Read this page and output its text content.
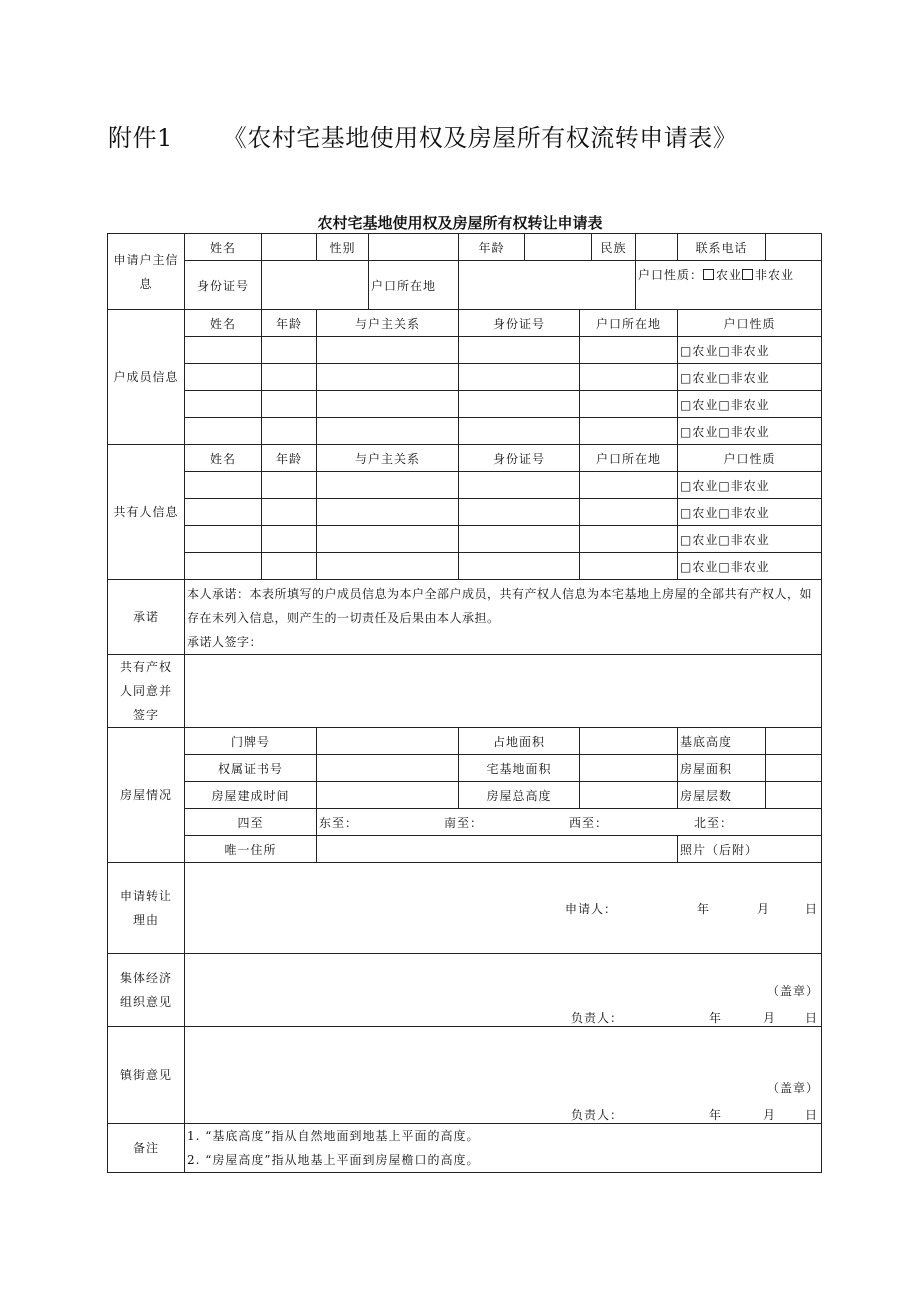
附件1 《农村宅基地使用权及房屋所有权流转申请表》
农村宅基地使用权及房屋所有权转让申请表
申请户主信息	姓名		性别		年龄			民族		联系电话	
	身份证号			户口所在地					户口性质： 农业 非农业		
户成员信息	姓名	年龄	与户主关系		身份证号		户口所在地			户口性质	
										□农业□非农业	
										□农业□非农业	
										□农业□非农业	
										□农业□非农业	
共有人信息	姓名	年龄	与户主关系		身份证号		户口所在地			户口性质	
										□农业□非农业	
										□农业□非农业	
										□农业□非农业	
										□农业□非农业	
承诺	本人承诺：本表所填写的户成员信息为本户全部户成员，共有产权人信息为本宅基地上房屋的全部共有产权人，如存在未列入信息，则产生的一切责任及后果由本人承担。
承诺人签字：										

共有产权人同意并签字											
房屋情况	门牌号				占地面积					基底高度	
	权属证书号				宅基地面积					房屋面积	
	房屋建成时间				房屋总高度					房屋层数	
	四至		东至： 南至： 西至： 北至：								

	唯一住所									照片（后附）	
申请转让理由	申请人： 年 月 日										

集体经济组织意见	（盖章）
负责人： 年 月 日										

镇街意见	（盖章）
负责人： 年 月 日										

备注	1. “基底高度”指从自然地面到地基上平面的高度。
2. “房屋高度”指从地基上平面到房屋檐口的高度。										
